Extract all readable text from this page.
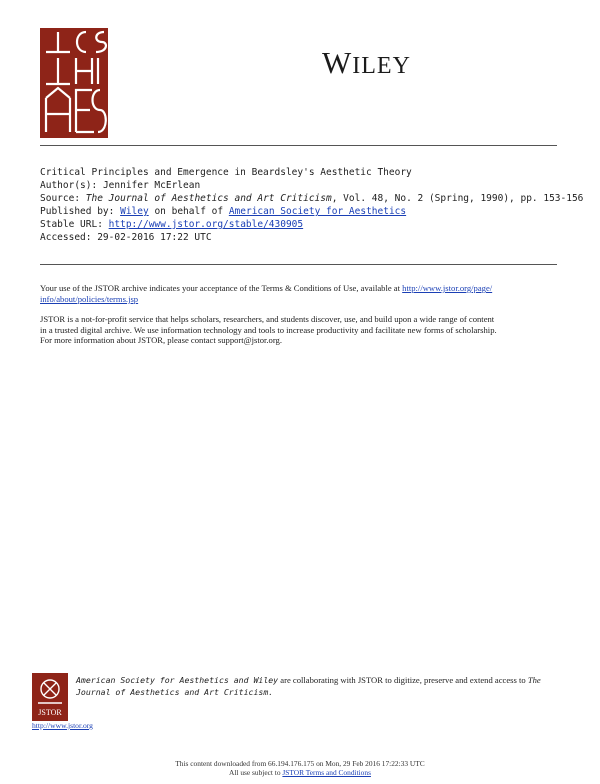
WILEY
Critical Principles and Emergence in Beardsley's Aesthetic Theory
Author(s): Jennifer McErlean
Source: The Journal of Aesthetics and Art Criticism, Vol. 48, No. 2 (Spring, 1990), pp. 153-156
Published by: Wiley on behalf of American Society for Aesthetics
Stable URL: http://www.jstor.org/stable/430905
Accessed: 29-02-2016 17:22 UTC
Your use of the JSTOR archive indicates your acceptance of the Terms & Conditions of Use, available at http://www.jstor.org/page/
info/about/policies/terms.jsp
JSTOR is a not-for-profit service that helps scholars, researchers, and students discover, use, and build upon a wide range of content
in a trusted digital archive. We use information technology and tools to increase productivity and facilitate new forms of scholarship.
For more information about JSTOR, please contact support@jstor.org.
JSTOR
American Society for Aesthetics and Wiley are collaborating with JSTOR to digitize, preserve and extend access to The
Journal of Aesthetics and Art Criticism.
http://www.jstor.org
This content downloaded from 66.194.176.175 on Mon, 29 Feb 2016 17:22:33 UTC
All use subject to JSTOR Terms and Conditions
